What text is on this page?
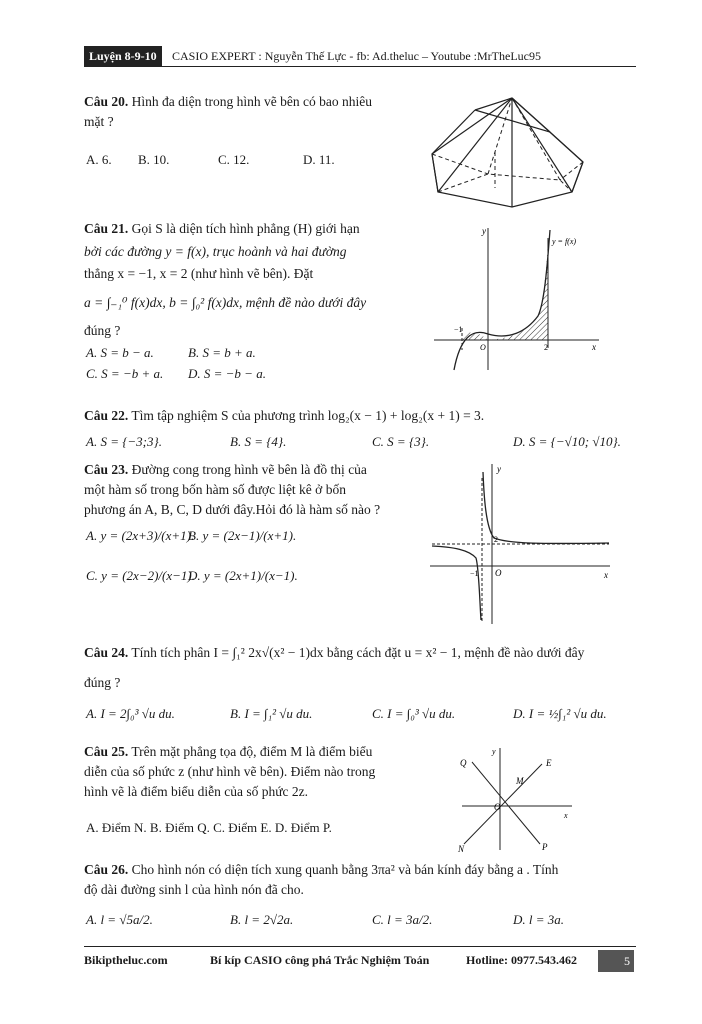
Luyện 8-9-10	CASIO EXPERT : Nguyễn Thế Lực - fb: Ad.theluc – Youtube :MrTheLuc95
Câu 20. Hình đa diện trong hình vẽ bên có bao nhiêu
mặt ?
A. 6. B. 10.	C. 12.	D. 11.
Câu 21. Gọi S là diện tích hình phẳng (H) giới hạn
bởi các đường y = f(x), trục hoành và hai đường
thẳng x = −1, x = 2 (như hình vẽ bên). Đặt
a = ∫₋₁⁰ f(x)dx, b = ∫₀² f(x)dx, mệnh đề nào dưới đây
đúng ?
A. S = b − a.	B. S = b + a.
C. S = −b + a. D. S = −b − a.
y
y = f(x)
x
−1
O	2
Câu 22. Tìm tập nghiệm S của phương trình log₂(x − 1) + log₂(x + 1) = 3.
A. S = {−3;3}.	B. S = {4}.	C. S = {3}.	D. S = {−√10; √10}.
Câu 23. Đường cong trong hình vẽ bên là đồ thị của
một hàm số trong bốn hàm số được liệt kê ở bốn
phương án A, B, C, D dưới đây.Hỏi đó là hàm số nào ?
A. y = (2x+3)/(x+1).
B. y = (2x−1)/(x+1).
C. y = (2x−2)/(x−1).
D. y = (2x+1)/(x−1).
y
x
2
−1 O
Câu 24. Tính tích phân I = ∫₁² 2x√(x² − 1)dx bằng cách đặt u = x² − 1, mệnh đề nào dưới đây
đúng ?
A. I = 2∫₀³ √u du.	B. I = ∫₁² √u du.	C. I = ∫₀³ √u du.	D. I = ½∫₁² √u du.
Câu 25. Trên mặt phẳng tọa độ, điểm M là điểm biểu
diễn của số phức z (như hình vẽ bên). Điểm nào trong
hình vẽ là điểm biểu diễn của số phức 2z.
A. Điểm N. B. Điểm Q. C. Điểm E. D. Điểm P.
y
x
Q	E
M
O
N	P
Câu 26. Cho hình nón có diện tích xung quanh bằng 3πa² và bán kính đáy bằng a . Tính
độ dài đường sinh l của hình nón đã cho.
A. l = √5a/2.	B. l = 2√2a.	C. l = 3a/2.	D. l = 3a.
Bikiptheluc.com	Bí kíp CASIO công phá Trắc Nghiệm Toán	Hotline: 0977.543.462	5
